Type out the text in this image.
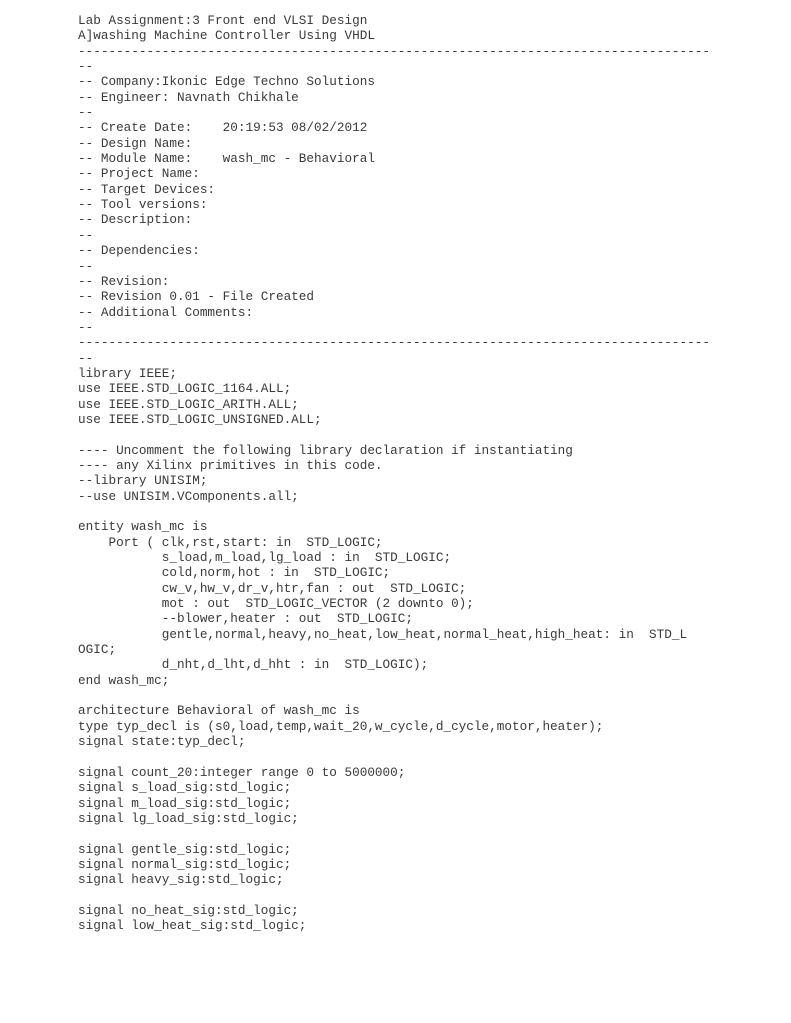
Lab Assignment:3 Front end VLSI Design
A]washing Machine Controller Using VHDL
-----------------------------------------------------------------------------------
--
-- Company:Ikonic Edge Techno Solutions
-- Engineer: Navnath Chikhale
--
-- Create Date:    20:19:53 08/02/2012
-- Design Name:
-- Module Name:    wash_mc - Behavioral
-- Project Name:
-- Target Devices:
-- Tool versions:
-- Description:
--
-- Dependencies:
--
-- Revision:
-- Revision 0.01 - File Created
-- Additional Comments:
--
-----------------------------------------------------------------------------------
--
library IEEE;
use IEEE.STD_LOGIC_1164.ALL;
use IEEE.STD_LOGIC_ARITH.ALL;
use IEEE.STD_LOGIC_UNSIGNED.ALL;
---- Uncomment the following library declaration if instantiating
---- any Xilinx primitives in this code.
--library UNISIM;
--use UNISIM.VComponents.all;
entity wash_mc is
Port ( clk,rst,start: in  STD_LOGIC;
s_load,m_load,lg_load : in  STD_LOGIC;
cold,norm,hot : in  STD_LOGIC;
cw_v,hw_v,dr_v,htr,fan : out  STD_LOGIC;
mot : out  STD_LOGIC_VECTOR (2 downto 0);
--blower,heater : out  STD_LOGIC;
gentle,normal,heavy,no_heat,low_heat,normal_heat,high_heat: in  STD_L
OGIC;
d_nht,d_lht,d_hht : in  STD_LOGIC);
end wash_mc;
architecture Behavioral of wash_mc is
type typ_decl is (s0,load,temp,wait_20,w_cycle,d_cycle,motor,heater);
signal state:typ_decl;
signal count_20:integer range 0 to 5000000;
signal s_load_sig:std_logic;
signal m_load_sig:std_logic;
signal lg_load_sig:std_logic;
signal gentle_sig:std_logic;
signal normal_sig:std_logic;
signal heavy_sig:std_logic;
signal no_heat_sig:std_logic;
signal low_heat_sig:std_logic;
